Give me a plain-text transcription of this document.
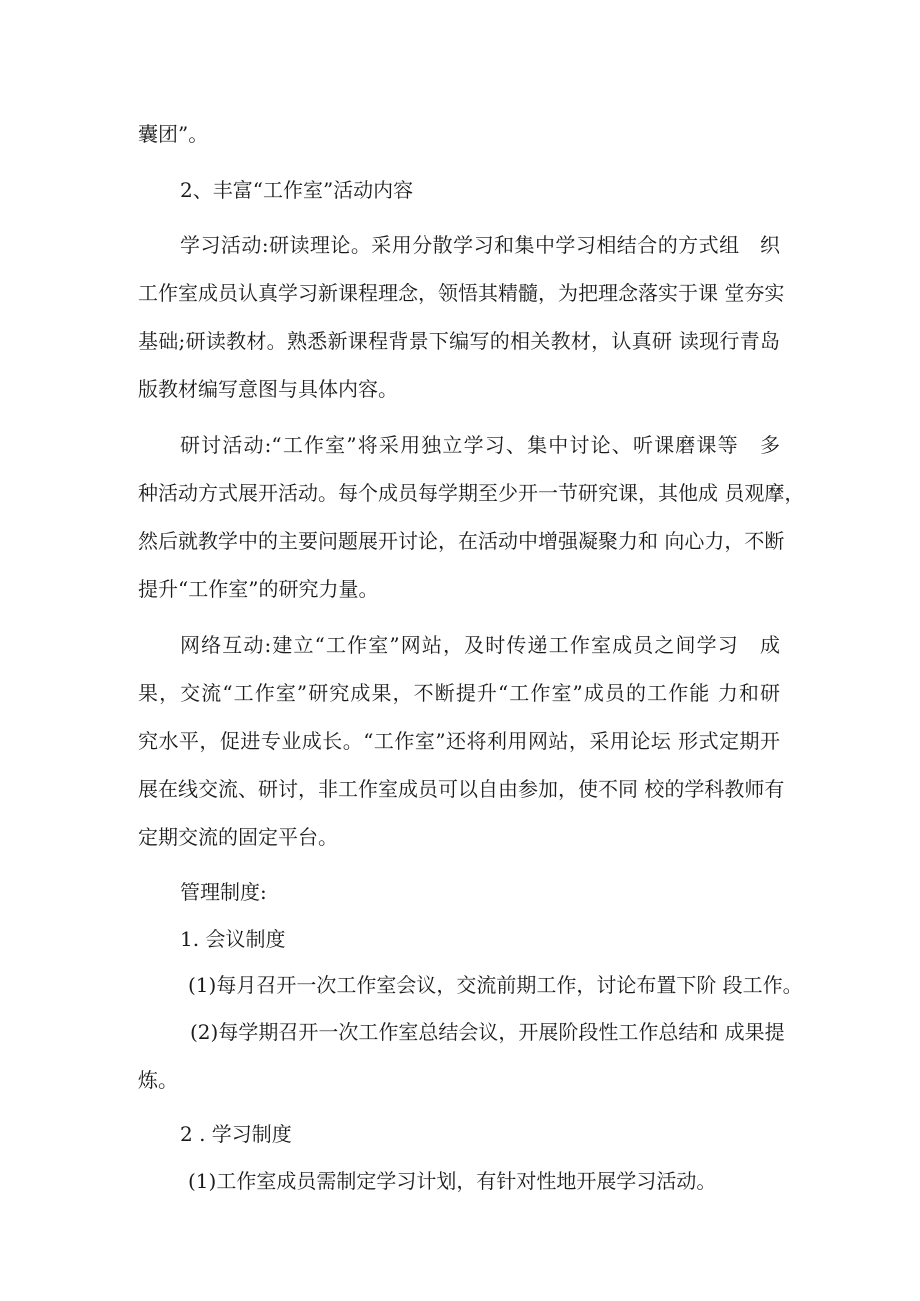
囊团”。
2、丰富“工作室”活动内容
学习活动:研读理论。采用分散学习和集中学习相结合的方式组　织
工作室成员认真学习新课程理念，领悟其精髓，为把理念落实于课 堂夯实
基础;研读教材。熟悉新课程背景下编写的相关教材，认真研 读现行青岛
版教材编写意图与具体内容。
研讨活动:“工作室”将采用独立学习、集中讨论、听课磨课等　多
种活动方式展开活动。每个成员每学期至少开一节研究课，其他成 员观摩，
然后就教学中的主要问题展开讨论，在活动中增强凝聚力和 向心力，不断
提升“工作室”的研究力量。
网络互动:建立“工作室”网站，及时传递工作室成员之间学习　成
果，交流“工作室”研究成果，不断提升“工作室”成员的工作能 力和研
究水平，促进专业成长。“工作室”还将利用网站，采用论坛 形式定期开
展在线交流、研讨，非工作室成员可以自由参加，使不同 校的学科教师有
定期交流的固定平台。
管理制度:
1. 会议制度
(1)每月召开一次工作室会议，交流前期工作，讨论布置下阶 段工作。
(2)每学期召开一次工作室总结会议，开展阶段性工作总结和 成果提
炼。
2 . 学习制度
(1)工作室成员需制定学习计划，有针对性地开展学习活动。
